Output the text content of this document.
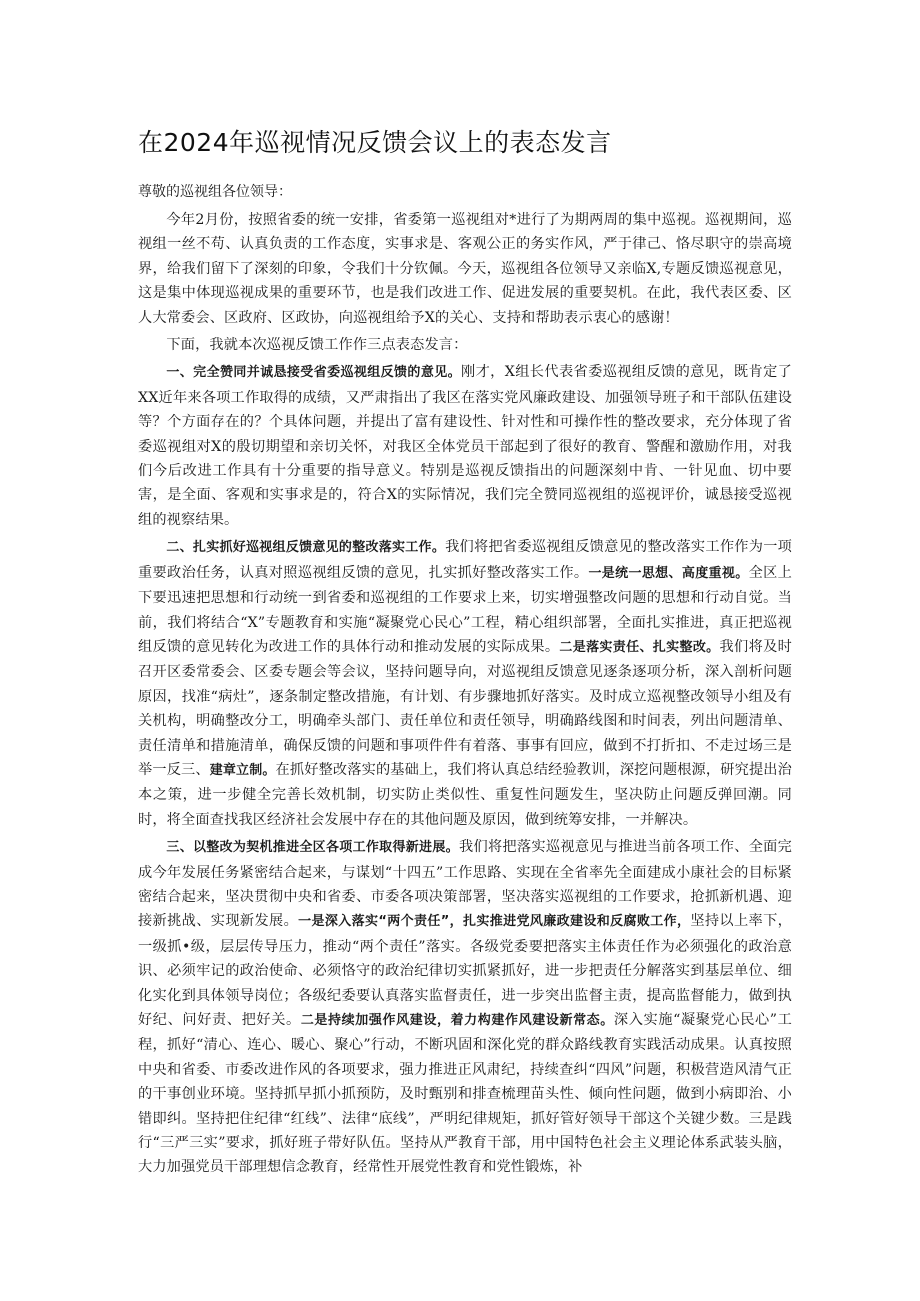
在2024年巡视情况反馈会议上的表态发言

尊敬的巡视组各位领导：

今年2月份，按照省委的统一安排，省委第一巡视组对*进行了为期两周的集中巡视。巡视期间，巡视组一丝不苟、认真负责的工作态度，实事求是、客观公正的务实作风，严于律己、恪尽职守的崇高境界，给我们留下了深刻的印象，令我们十分钦佩。今天，巡视组各位领导又亲临X,专题反馈巡视意见，这是集中体现巡视成果的重要环节，也是我们改进工作、促进发展的重要契机。在此，我代表区委、区人大常委会、区政府、区政协，向巡视组给予X的关心、支持和帮助表示衷心的感谢！

下面，我就本次巡视反馈工作作三点表态发言：

一、完全赞同并诚恳接受省委巡视组反馈的意见。刚才，X组长代表省委巡视组反馈的意见，既肯定了XX近年来各项工作取得的成绩，又严肃指出了我区在落实党风廉政建设、加强领导班子和干部队伍建设等？个方面存在的？个具体问题，并提出了富有建设性、针对性和可操作性的整改要求，充分体现了省委巡视组对X的殷切期望和亲切关怀，对我区全体党员干部起到了很好的教育、警醒和激励作用，对我们今后改进工作具有十分重要的指导意义。特别是巡视反馈指出的问题深刻中肯、一针见血、切中要害，是全面、客观和实事求是的，符合X的实际情况，我们完全赞同巡视组的巡视评价，诚恳接受巡视组的视察结果。

二、扎实抓好巡视组反馈意见的整改落实工作。我们将把省委巡视组反馈意见的整改落实工作作为一项重要政治任务，认真对照巡视组反馈的意见，扎实抓好整改落实工作。一是统一思想、高度重视。全区上下要迅速把思想和行动统一到省委和巡视组的工作要求上来，切实增强整改问题的思想和行动自觉。当前，我们将结合“X”专题教育和实施“凝聚党心民心”工程，精心组织部署，全面扎实推进，真正把巡视组反馈的意见转化为改进工作的具体行动和推动发展的实际成果。二是落实责任、扎实整改。我们将及时召开区委常委会、区委专题会等会议，坚持问题导向，对巡视组反馈意见逐条逐项分析，深入剖析问题原因，找准“病灶”，逐条制定整改措施，有计划、有步骤地抓好落实。及时成立巡视整改领导小组及有关机构，明确整改分工，明确牵头部门、责任单位和责任领导，明确路线图和时间表，列出问题清单、责任清单和措施清单，确保反馈的问题和事项件件有着落、事事有回应，做到不打折扣、不走过场三是举一反三、建章立制。在抓好整改落实的基础上，我们将认真总结经验教训，深挖问题根源，研究提出治本之策，进一步健全完善长效机制，切实防止类似性、重复性问题发生，坚决防止问题反弹回潮。同时，将全面查找我区经济社会发展中存在的其他问题及原因，做到统筹安排，一并解决。

三、以整改为契机推进全区各项工作取得新进展。我们将把落实巡视意见与推进当前各项工作、全面完成今年发展任务紧密结合起来，与谋划“十四五”工作思路、实现在全省率先全面建成小康社会的目标紧密结合起来，坚决贯彻中央和省委、市委各项决策部署，坚决落实巡视组的工作要求，抢抓新机遇、迎接新挑战、实现新发展。一是深入落实“两个责任”，扎实推进党风廉政建设和反腐败工作，坚持以上率下，一级抓•级，层层传导压力，推动“两个责任”落实。各级党委要把落实主体责任作为必须强化的政治意识、必须牢记的政治使命、必须恪守的政治纪律切实抓紧抓好，进一步把责任分解落实到基层单位、细化实化到具体领导岗位；各级纪委要认真落实监督责任，进一步突出监督主责，提高监督能力，做到执好纪、问好责、把好关。二是持续加强作风建设，着力构建作风建设新常态。深入实施“凝聚党心民心”工程，抓好“清心、连心、暖心、聚心”行动，不断巩固和深化党的群众路线教育实践活动成果。认真按照中央和省委、市委改进作风的各项要求，强力推进正风肃纪，持续查纠“四风”问题，积极营造风清气正的干事创业环境。坚持抓早抓小抓预防，及时甄别和排查梳理苗头性、倾向性问题，做到小病即治、小错即纠。坚持把住纪律“红线”、法律“底线”，严明纪律规矩，抓好管好领导干部这个关键少数。三是践行“三严三实”要求，抓好班子带好队伍。坚持从严教育干部，用中国特色社会主义理论体系武装头脑，大力加强党员干部理想信念教育，经常性开展党性教育和党性锻炼，补
